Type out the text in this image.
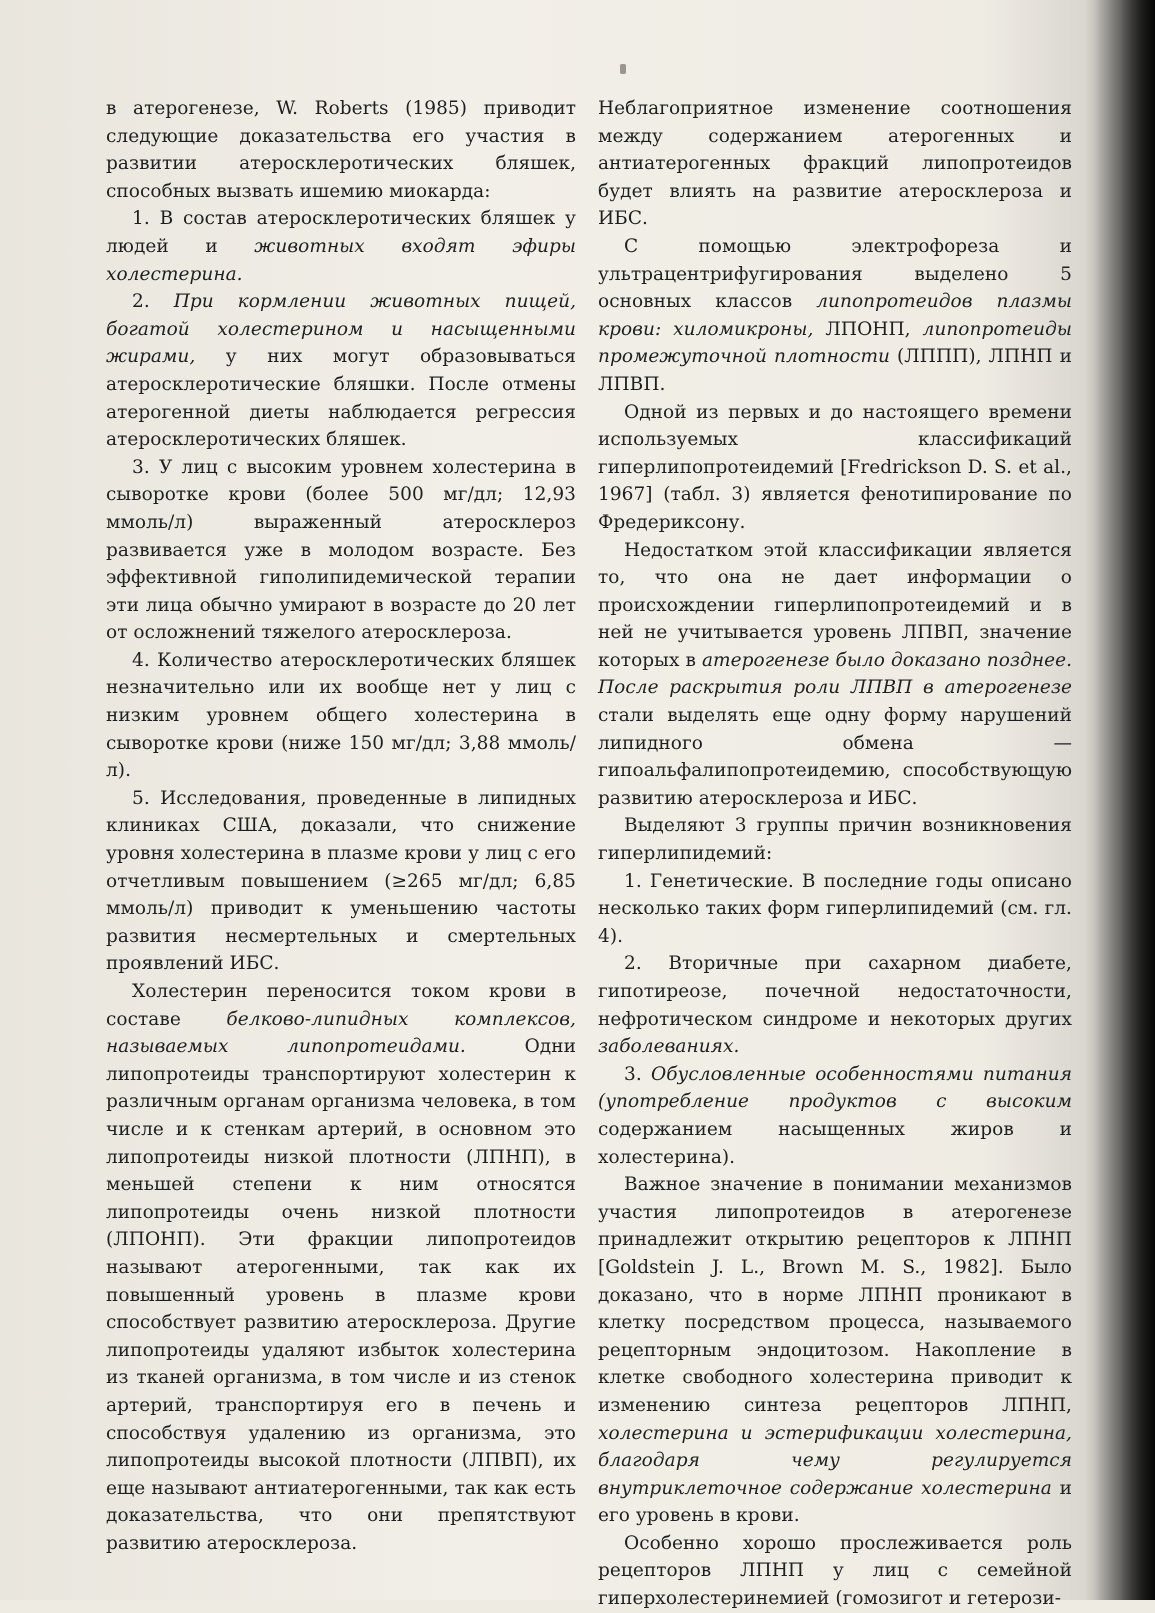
в атерогенезе, W. Roberts (1985) приводит следующие доказательства его участия в развитии атеросклеротических бляшек, способных вызвать ишемию миокарда:

1. В состав атеросклеротических бляшек у людей и животных входят эфиры холестерина.

2. При кормлении животных пищей, богатой холестерином и насыщенными жирами, у них могут образовываться атеросклеротические бляшки. После отмены атерогенной диеты наблюдается регрессия атеросклеротических бляшек.

3. У лиц с высоким уровнем холестерина в сыворотке крови (более 500 мг/дл; 12,93 ммоль/л) выраженный атеросклероз развивается уже в молодом возрасте. Без эффективной гиполипидемической терапии эти лица обычно умирают в возрасте до 20 лет от осложнений тяжелого атеросклероза.

4. Количество атеросклеротических бляшек незначительно или их вообще нет у лиц с низким уровнем общего холестерина в сыворотке крови (ниже 150 мг/дл; 3,88 ммоль/л).

5. Исследования, проведенные в липидных клиниках США, доказали, что снижение уровня холестерина в плазме крови у лиц с его отчетливым повышением (≥265 мг/дл; 6,85 ммоль/л) приводит к уменьшению частоты развития несмертельных и смертельных проявлений ИБС.

Холестерин переносится током крови в составе белково-липидных комплексов, называемых липопротеидами. Одни липопротеиды транспортируют холестерин к различным органам организма человека, в том числе и к стенкам артерий, в основном это липопротеиды низкой плотности (ЛПНП), в меньшей степени к ним относятся липопротеиды очень низкой плотности (ЛПОНП). Эти фракции липопротеидов называют атерогенными, так как их повышенный уровень в плазме крови способствует развитию атеросклероза. Другие липопротеиды удаляют избыток холестерина из тканей организма, в том числе и из стенок артерий, транспортируя его в печень и способствуя удалению из организма, это липопротеиды высокой плотности (ЛПВП), их еще называют антиатерогенными, так как есть доказательства, что они препятствуют развитию атеросклероза.

Неблагоприятное изменение соотношения между содержанием атерогенных и антиатерогенных фракций липопротеидов будет влиять на развитие атеросклероза и ИБС.

С помощью электрофореза и ультрацентрифугирования выделено 5 основных классов липопротеидов плазмы крови: хиломикроны, ЛПОНП, липопротеиды промежуточной плотности (ЛППП), ЛПНП и ЛПВП.

Одной из первых и до настоящего времени используемых классификаций гиперлипопротеидемий [Fredrickson D. S. et al., 1967] (табл. 3) является фенотипирование по Фредериксону.

Недостатком этой классификации является то, что она не дает информации о происхождении гиперлипопротеидемий и в ней не учитывается уровень ЛПВП, значение которых в атерогенезе было доказано позднее. После раскрытия роли ЛПВП в атерогенезе стали выделять еще одну форму нарушений липидного обмена — гипоальфалипопротеидемию, способствующую развитию атеросклероза и ИБС.

Выделяют 3 группы причин возникновения гиперлипидемий:

1. Генетические. В последние годы описано несколько таких форм гиперлипидемий (см. гл. 4).

2. Вторичные при сахарном диабете, гипотиреозе, почечной недостаточности, нефротическом синдроме и некоторых других заболеваниях.

3. Обусловленные особенностями питания (употребление продуктов с высоким содержанием насыщенных жиров и холестерина).

Важное значение в понимании механизмов участия липопротеидов в атерогенезе принадлежит открытию рецепторов к ЛПНП [Goldstein J. L., Brown M. S., 1982]. Было доказано, что в норме ЛПНП проникают в клетку посредством процесса, называемого рецепторным эндоцитозом. Накопление в клетке свободного холестерина приводит к изменению синтеза рецепторов ЛПНП, холестерина и эстерификации холестерина, благодаря чему регулируется внутриклеточное содержание холестерина и его уровень в крови.

Особенно хорошо прослеживается роль рецепторов ЛПНП у лиц с семейной гиперхолестеринемией (гомозигот и гетерози-
